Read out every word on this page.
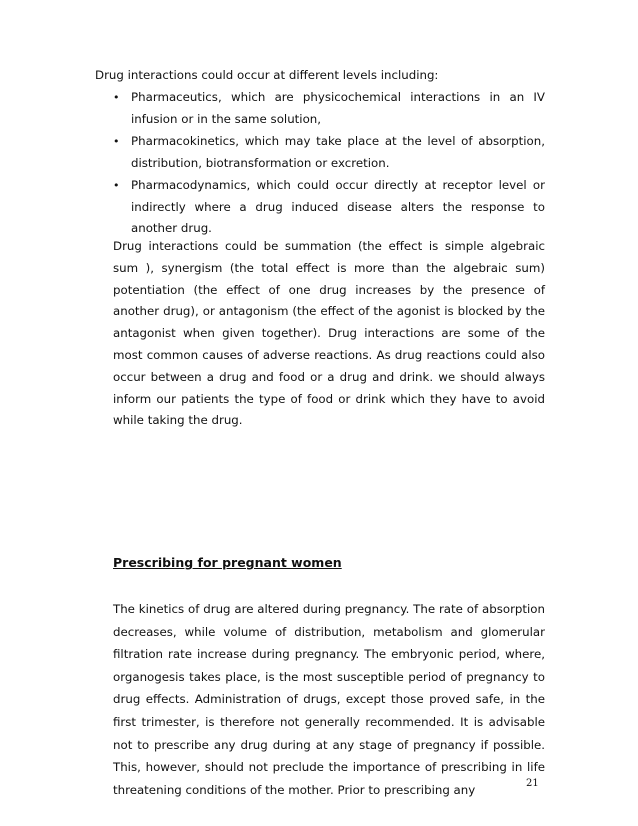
Drug interactions could occur at different levels including:
• Pharmaceutics, which are physicochemical interactions in an IV infusion or in the same solution,
• Pharmacokinetics, which may take place at the level of absorption, distribution, biotransformation or excretion.
• Pharmacodynamics, which could occur directly at receptor level or indirectly where a drug induced disease alters the response to another drug.

Drug interactions could be summation (the effect is simple algebraic sum ), synergism (the total effect is more than the algebraic sum) potentiation (the effect of one drug increases by the presence of another drug), or antagonism (the effect of the agonist is blocked by the antagonist when given together). Drug interactions are some of the most common causes of adverse reactions. As drug reactions could also occur between a drug and food or a drug and drink. we should always inform our patients the type of food or drink which they have to avoid while taking the drug.

Prescribing for pregnant women

The kinetics of drug are altered during pregnancy. The rate of absorption decreases, while volume of distribution, metabolism and glomerular filtration rate increase during pregnancy. The embryonic period, where, organogesis takes place, is the most susceptible period of pregnancy to drug effects. Administration of drugs, except those proved safe, in the first trimester, is therefore not generally recommended. It is advisable not to prescribe any drug during at any stage of pregnancy if possible. This, however, should not preclude the importance of prescribing in life threatening conditions of the mother. Prior to prescribing any	21
